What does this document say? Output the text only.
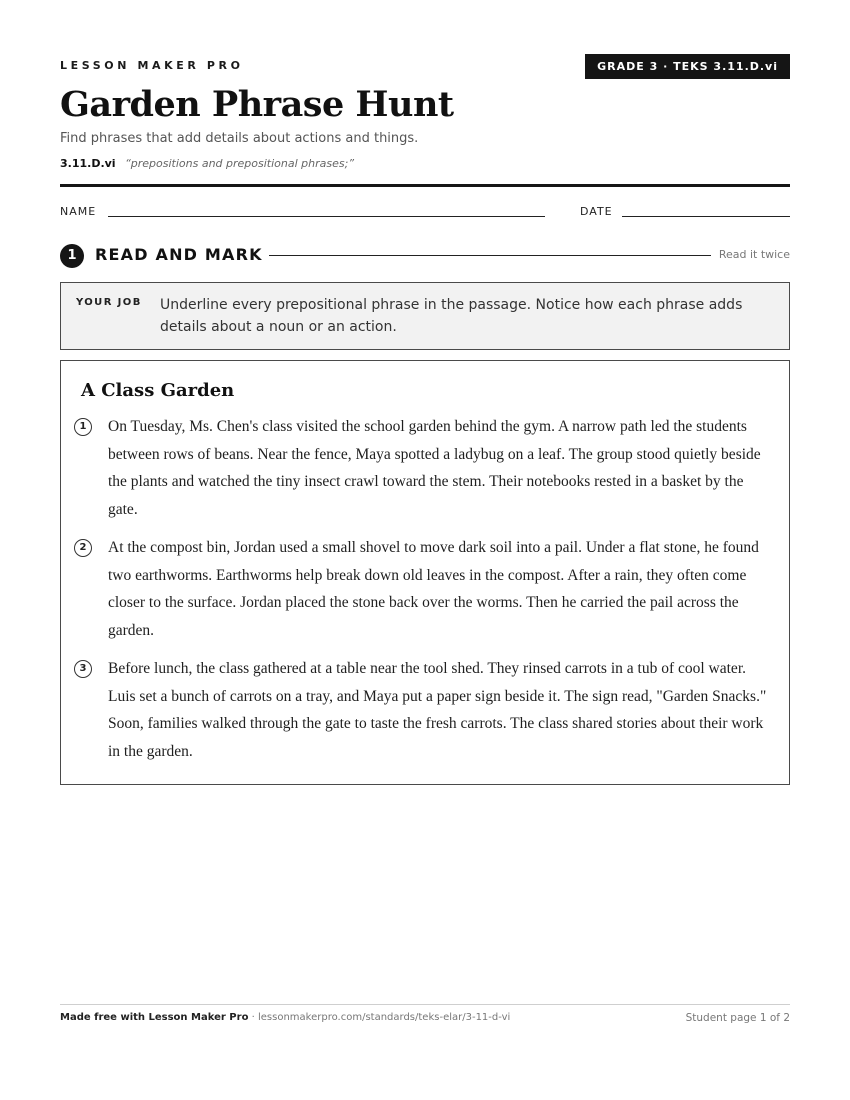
LESSON MAKER PRO	GRADE 3 · TEKS 3.11.D.vi
Garden Phrase Hunt
Find phrases that add details about actions and things.
3.11.D.vi “prepositions and prepositional phrases;”
NAME	DATE
1	READ AND MARK	Read it twice
YOUR JOB Underline every prepositional phrase in the passage. Notice how each phrase adds details about a noun or an action.
A Class Garden
1	On Tuesday, Ms. Chen's class visited the school garden behind the gym. A narrow path led the students between rows of beans. Near the fence, Maya spotted a ladybug on a leaf. The group stood quietly beside the plants and watched the tiny insect crawl toward the stem. Their notebooks rested in a basket by the gate.
2	At the compost bin, Jordan used a small shovel to move dark soil into a pail. Under a flat stone, he found two earthworms. Earthworms help break down old leaves in the compost. After a rain, they often come closer to the surface. Jordan placed the stone back over the worms. Then he carried the pail across the garden.
3	Before lunch, the class gathered at a table near the tool shed. They rinsed carrots in a tub of cool water. Luis set a bunch of carrots on a tray, and Maya put a paper sign beside it. The sign read, "Garden Snacks." Soon, families walked through the gate to taste the fresh carrots. The class shared stories about their work in the garden.
Made free with Lesson Maker Pro · lessonmakerpro.com/standards/teks-elar/3-11-d-vi	Student page 1 of 2
